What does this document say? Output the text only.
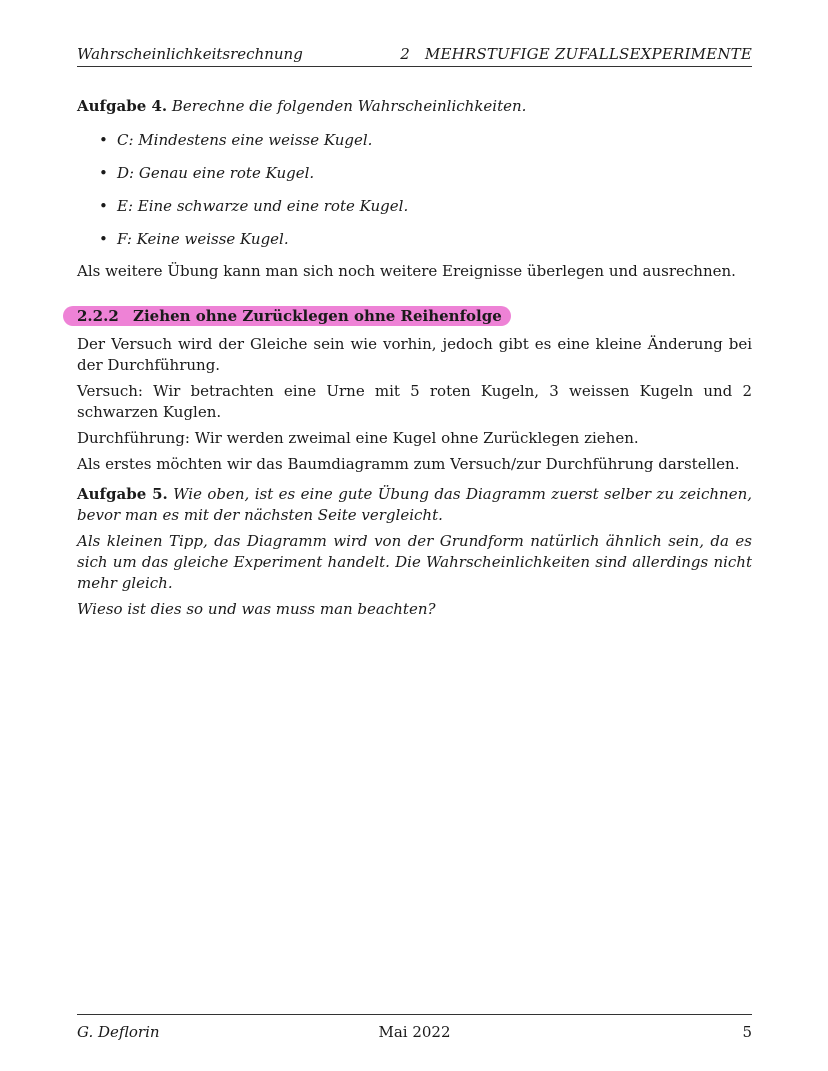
Wahrscheinlichkeitsrechnung	2   MEHRSTUFIGE ZUFALLSEXPERIMENTE

Aufgabe 4. Berechne die folgenden Wahrscheinlichkeiten.

• C: Mindestens eine weisse Kugel.
• D: Genau eine rote Kugel.
• E: Eine schwarze und eine rote Kugel.
• F: Keine weisse Kugel.

Als weitere Übung kann man sich noch weitere Ereignisse überlegen und ausrechnen.

2.2.2 Ziehen ohne Zurücklegen ohne Reihenfolge

Der Versuch wird der Gleiche sein wie vorhin, jedoch gibt es eine kleine Änderung bei der Durchführung.

Versuch: Wir betrachten eine Urne mit 5 roten Kugeln, 3 weissen Kugeln und 2 schwarzen Kuglen.

Durchführung: Wir werden zweimal eine Kugel ohne Zurücklegen ziehen.

Als erstes möchten wir das Baumdiagramm zum Versuch/zur Durchführung darstellen.

Aufgabe 5. Wie oben, ist es eine gute Übung das Diagramm zuerst selber zu zeichnen, bevor man es mit der nächsten Seite vergleicht.

Als kleinen Tipp, das Diagramm wird von der Grundform natürlich ähnlich sein, da es sich um das gleiche Experiment handelt. Die Wahrscheinlichkeiten sind allerdings nicht mehr gleich.

Wieso ist dies so und was muss man beachten?

G. Deflorin	Mai 2022	5
